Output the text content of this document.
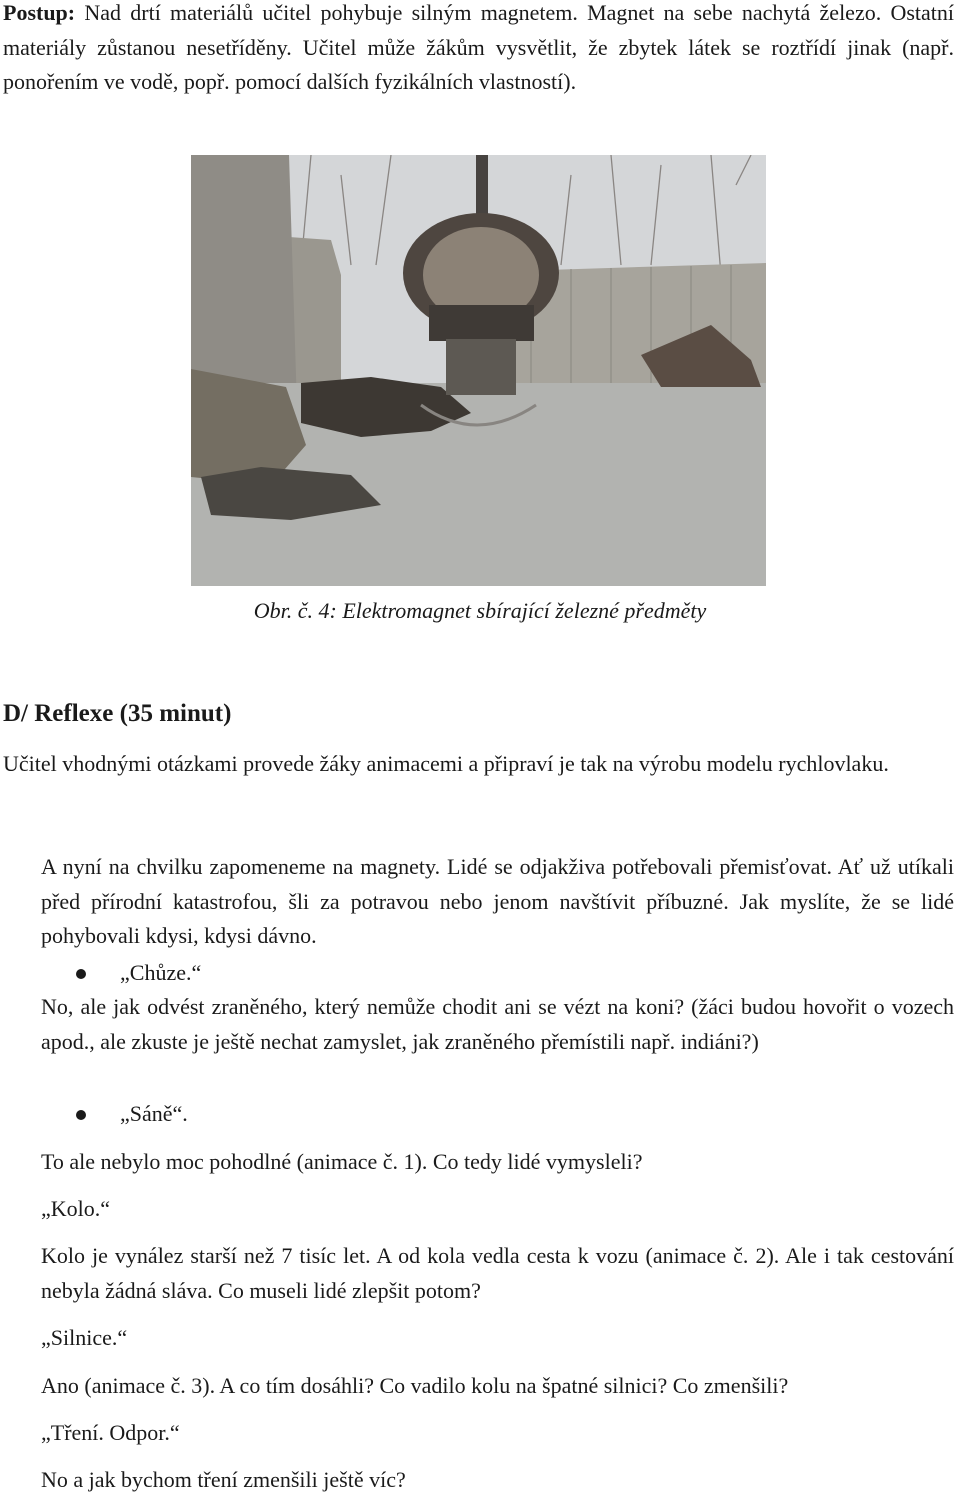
Postup: Nad drtí materiálů učitel pohybuje silným magnetem. Magnet na sebe nachytá železo. Ostatní materiály zůstanou nesetříděny. Učitel může žákům vysvětlit, že zbytek látek se roztřídí jinak (např. ponořením ve vodě, popř. pomocí dalších fyzikálních vlastností).

Obr. č. 4: Elektromagnet sbírající železné předměty

D/ Reflexe (35 minut)

Učitel vhodnými otázkami provede žáky animacemi a připraví je tak na výrobu modelu rychlovlaku.

A nyní na chvilku zapomeneme na magnety. Lidé se odjakživa potřebovali přemisťovat. Ať už utíkali před přírodní katastrofou, šli za potravou nebo jenom navštívit příbuzné. Jak myslíte, že se lidé pohybovali kdysi, kdysi dávno.

„Chůze.“

No, ale jak odvést zraněného, který nemůže chodit ani se vézt na koni? (žáci budou hovořit o vozech apod., ale zkuste je ještě nechat zamyslet, jak zraněného přemístili např. indiáni?)

„Sáně“.

To ale nebylo moc pohodlné (animace č. 1). Co tedy lidé vymysleli?

„Kolo.“

Kolo je vynález starší než 7 tisíc let. A od kola vedla cesta k vozu (animace č. 2). Ale i tak cestování nebyla žádná sláva. Co museli lidé zlepšit potom?

„Silnice.“

Ano (animace č. 3). A co tím dosáhli? Co vadilo kolu na špatné silnici? Co zmenšili?

„Tření. Odpor.“

No a jak bychom tření zmenšili ještě víc?
